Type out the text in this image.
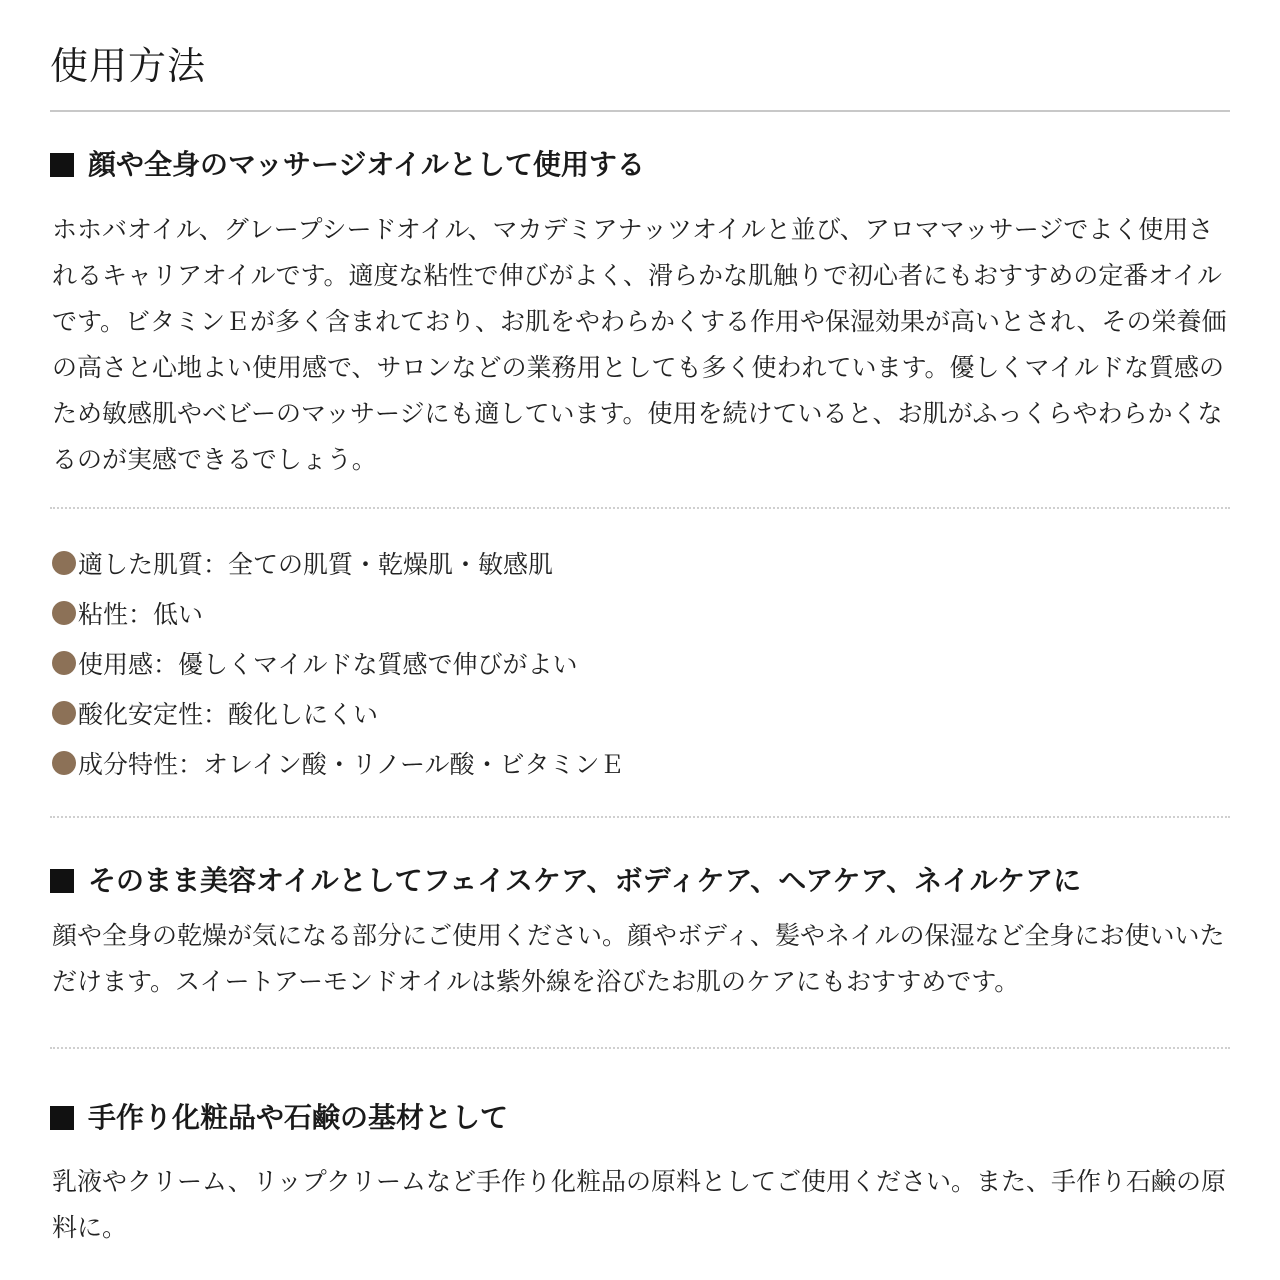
使用方法
顔や全身のマッサージオイルとして使用する

ホホバオイル、グレープシードオイル、マカデミアナッツオイルと並び、アロママッサージでよく使用されるキャリアオイルです。適度な粘性で伸びがよく、滑らかな肌触りで初心者にもおすすめの定番オイルです。ビタミンＥが多く含まれており、お肌をやわらかくする作用や保湿効果が高いとされ、その栄養価の高さと心地よい使用感で、サロンなどの業務用としても多く使われています。優しくマイルドな質感のため敏感肌やベビーのマッサージにも適しています。使用を続けていると、お肌がふっくらやわらかくなるのが実感できるでしょう。

適した肌質 ： 全ての肌質・乾燥肌・敏感肌
粘性 ： 低い
使用感 ： 優しくマイルドな質感で伸びがよい
酸化安定性 ： 酸化しにくい
成分特性 ： オレイン酸・リノール酸・ビタミンＥ
そのまま美容オイルとしてフェイスケア、ボディケア、ヘアケア、ネイルケアに

顔や全身の乾燥が気になる部分にご使用ください。顔やボディ、髪やネイルの保湿など全身にお使いいただけます。スイートアーモンドオイルは紫外線を浴びたお肌のケアにもおすすめです。

手作り化粧品や石鹸の基材として

乳液やクリーム、リップクリームなど手作り化粧品の原料としてご使用ください。また、手作り石鹸の原料に。
